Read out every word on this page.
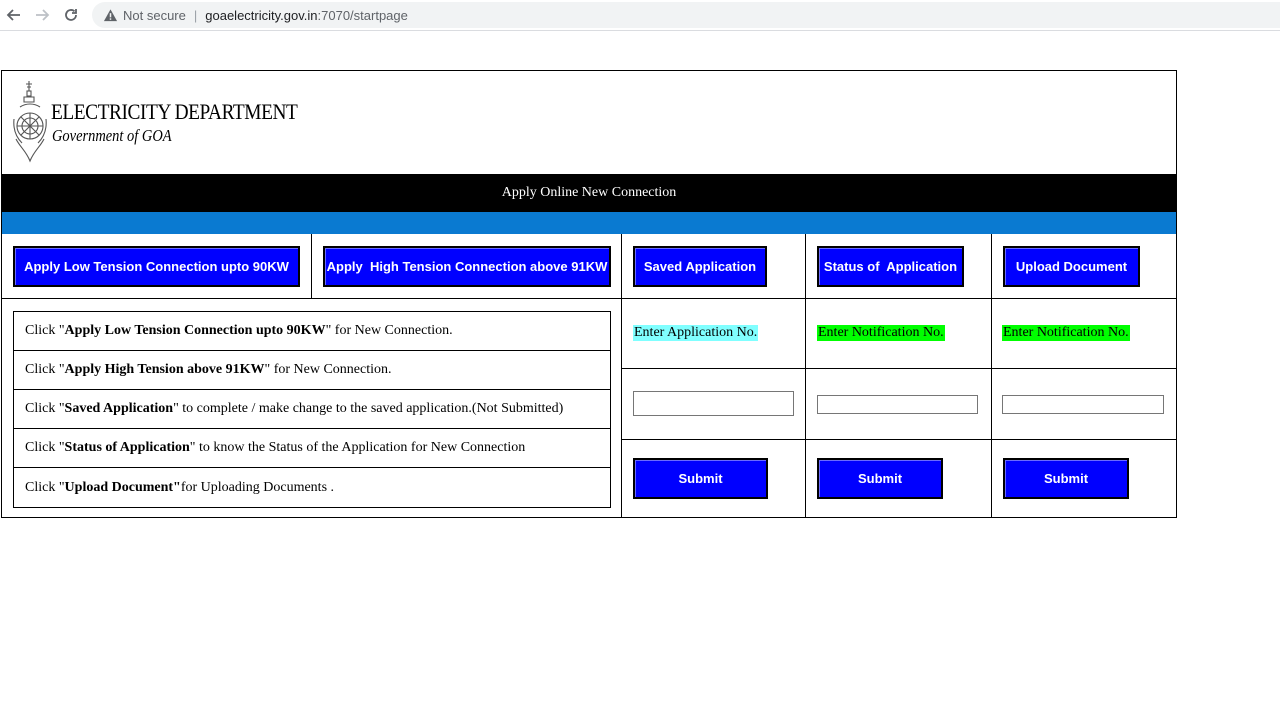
Not secure | goaelectricity.gov.in :7070/startpage
ELECTRICITY DEPARTMENT
Government of GOA
Apply Online New Connection
Apply Low Tension Connection upto 90KW	Apply  High Tension Connection above 91KW	Saved Application	Status of  Application	Upload Document
Click " Apply Low Tension Connection upto 90KW " for New Connection.
Click " Apply High Tension above 91KW " for New Connection.
Click " Saved Application " to complete / make change to the saved application.(Not Submitted)
Click " Status of Application " to know the Status of the Application for New Connection
Click " Upload Document" for Uploading Documents .
Enter Application No.	Enter Notification No.	Enter Notification No.
Submit	Submit	Submit
